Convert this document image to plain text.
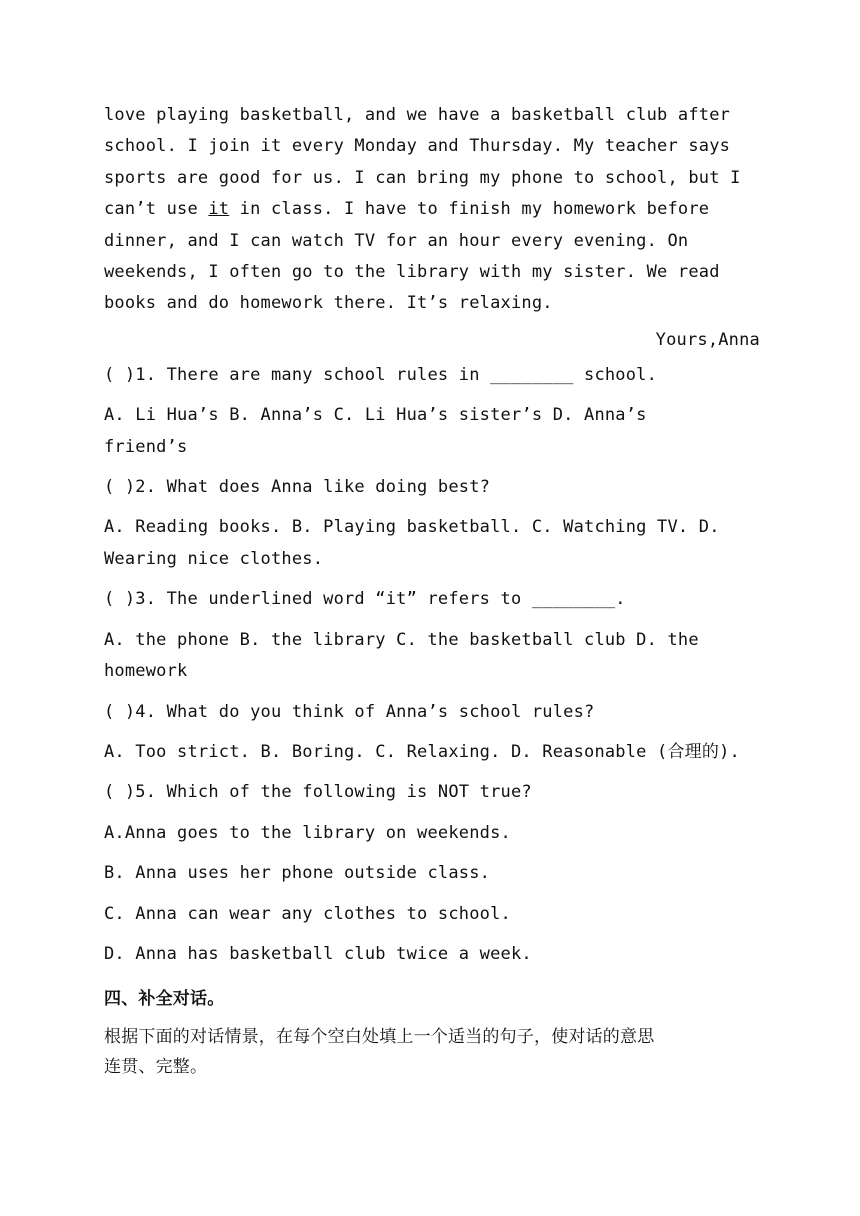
love playing basketball, and we have a basketball club after
school. I join it every Monday and Thursday. My teacher says
sports are good for us. I can bring my phone to school, but I
can’t use it in class. I have to finish my homework before
dinner, and I can watch TV for an hour every evening. On
weekends, I often go to the library with my sister. We read
books and do homework there. It’s relaxing.
Yours,Anna
( )1. There are many school rules in ________ school.
A. Li Hua’s B. Anna’s C. Li Hua’s sister’s D. Anna’s
friend’s
( )2. What does Anna like doing best?
A. Reading books. B. Playing basketball. C. Watching TV. D.
Wearing nice clothes.
( )3. The underlined word “it” refers to ________.
A. the phone B. the library C. the basketball club D. the
homework
( )4. What do you think of Anna’s school rules?
A. Too strict. B. Boring. C. Relaxing. D. Reasonable (合理的).
( )5. Which of the following is NOT true?
A.Anna goes to the library on weekends.
B. Anna uses her phone outside class.
C. Anna can wear any clothes to school.
D. Anna has basketball club twice a week.
四、补全对话。
根据下面的对话情景，在每个空白处填上一个适当的句子，使对话的意思
连贯、完整。
